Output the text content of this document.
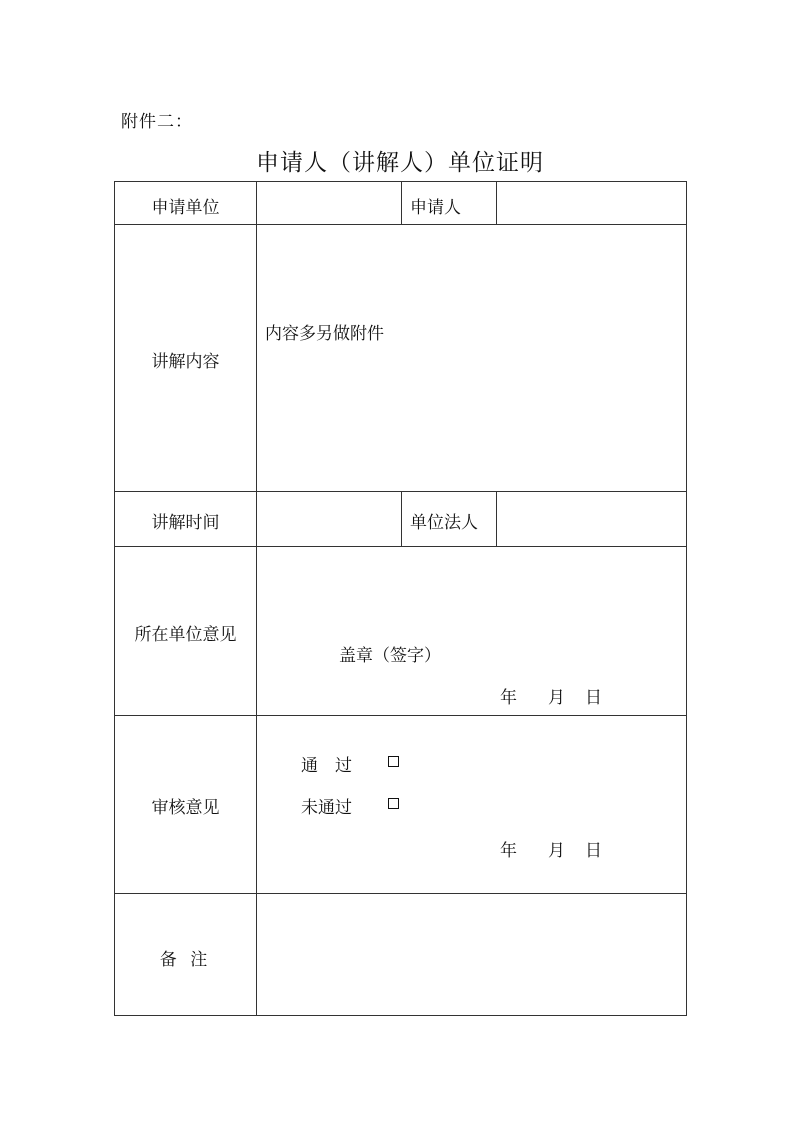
附件二：
申请人（讲解人）单位证明
申请单位	申请人
讲解内容
内容多另做附件
讲解时间	单位法人
所在单位意见
盖章（签字）
年 月 日
审核意见
通　过
未通过
年 月 日
备 注
